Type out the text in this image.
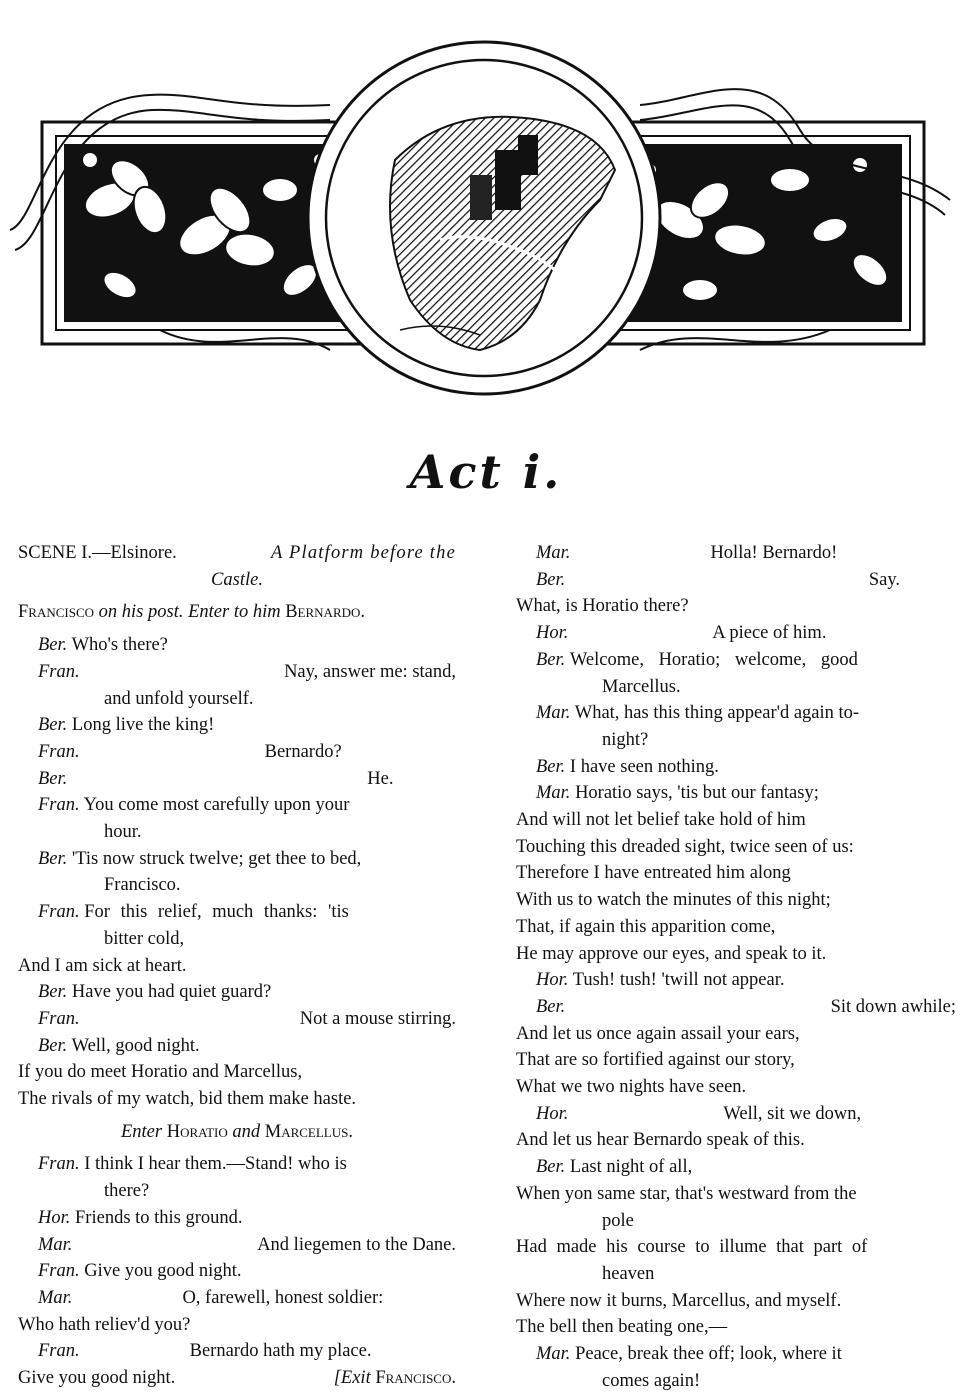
Act i.
SCENE I.—Elsinore.	A Platform before the
Castle.
Francisco on his post. Enter to him Bernardo.
Ber. Who's there?
Fran.	Nay, answer me: stand,
and unfold yourself.
Ber. Long live the king!
Fran.	Bernardo?
Ber.	He.
Fran. You come most carefully upon your
hour.
Ber. 'Tis now struck twelve; get thee to bed,
Francisco.
Fran. For this relief, much thanks: 'tis
bitter cold,
And I am sick at heart.
Ber. Have you had quiet guard?
Fran.	Not a mouse stirring.
Ber. Well, good night.
If you do meet Horatio and Marcellus,
The rivals of my watch, bid them make haste.
Enter Horatio and Marcellus.
Fran. I think I hear them.—Stand! who is
there?
Hor. Friends to this ground.
Mar.	And liegemen to the Dane.
Fran. Give you good night.
Mar.	O, farewell, honest soldier:
Who hath reliev'd you?
Fran.	Bernardo hath my place.
Give you good night.	[Exit Francisco.
Mar.	Holla! Bernardo!
Ber.	Say.
What, is Horatio there?
Hor.	A piece of him.
Ber. Welcome, Horatio; welcome, good
Marcellus.
Mar. What, has this thing appear'd again to-
night?
Ber. I have seen nothing.
Mar. Horatio says, 'tis but our fantasy;
And will not let belief take hold of him
Touching this dreaded sight, twice seen of us:
Therefore I have entreated him along
With us to watch the minutes of this night;
That, if again this apparition come,
He may approve our eyes, and speak to it.
Hor. Tush! tush! 'twill not appear.
Ber.	Sit down awhile;
And let us once again assail your ears,
That are so fortified against our story,
What we two nights have seen.
Hor.	Well, sit we down,
And let us hear Bernardo speak of this.
Ber. Last night of all,
When yon same star, that's westward from the
pole
Had made his course to illume that part of
heaven
Where now it burns, Marcellus, and myself.
The bell then beating one,—
Mar. Peace, break thee off; look, where it
comes again!
